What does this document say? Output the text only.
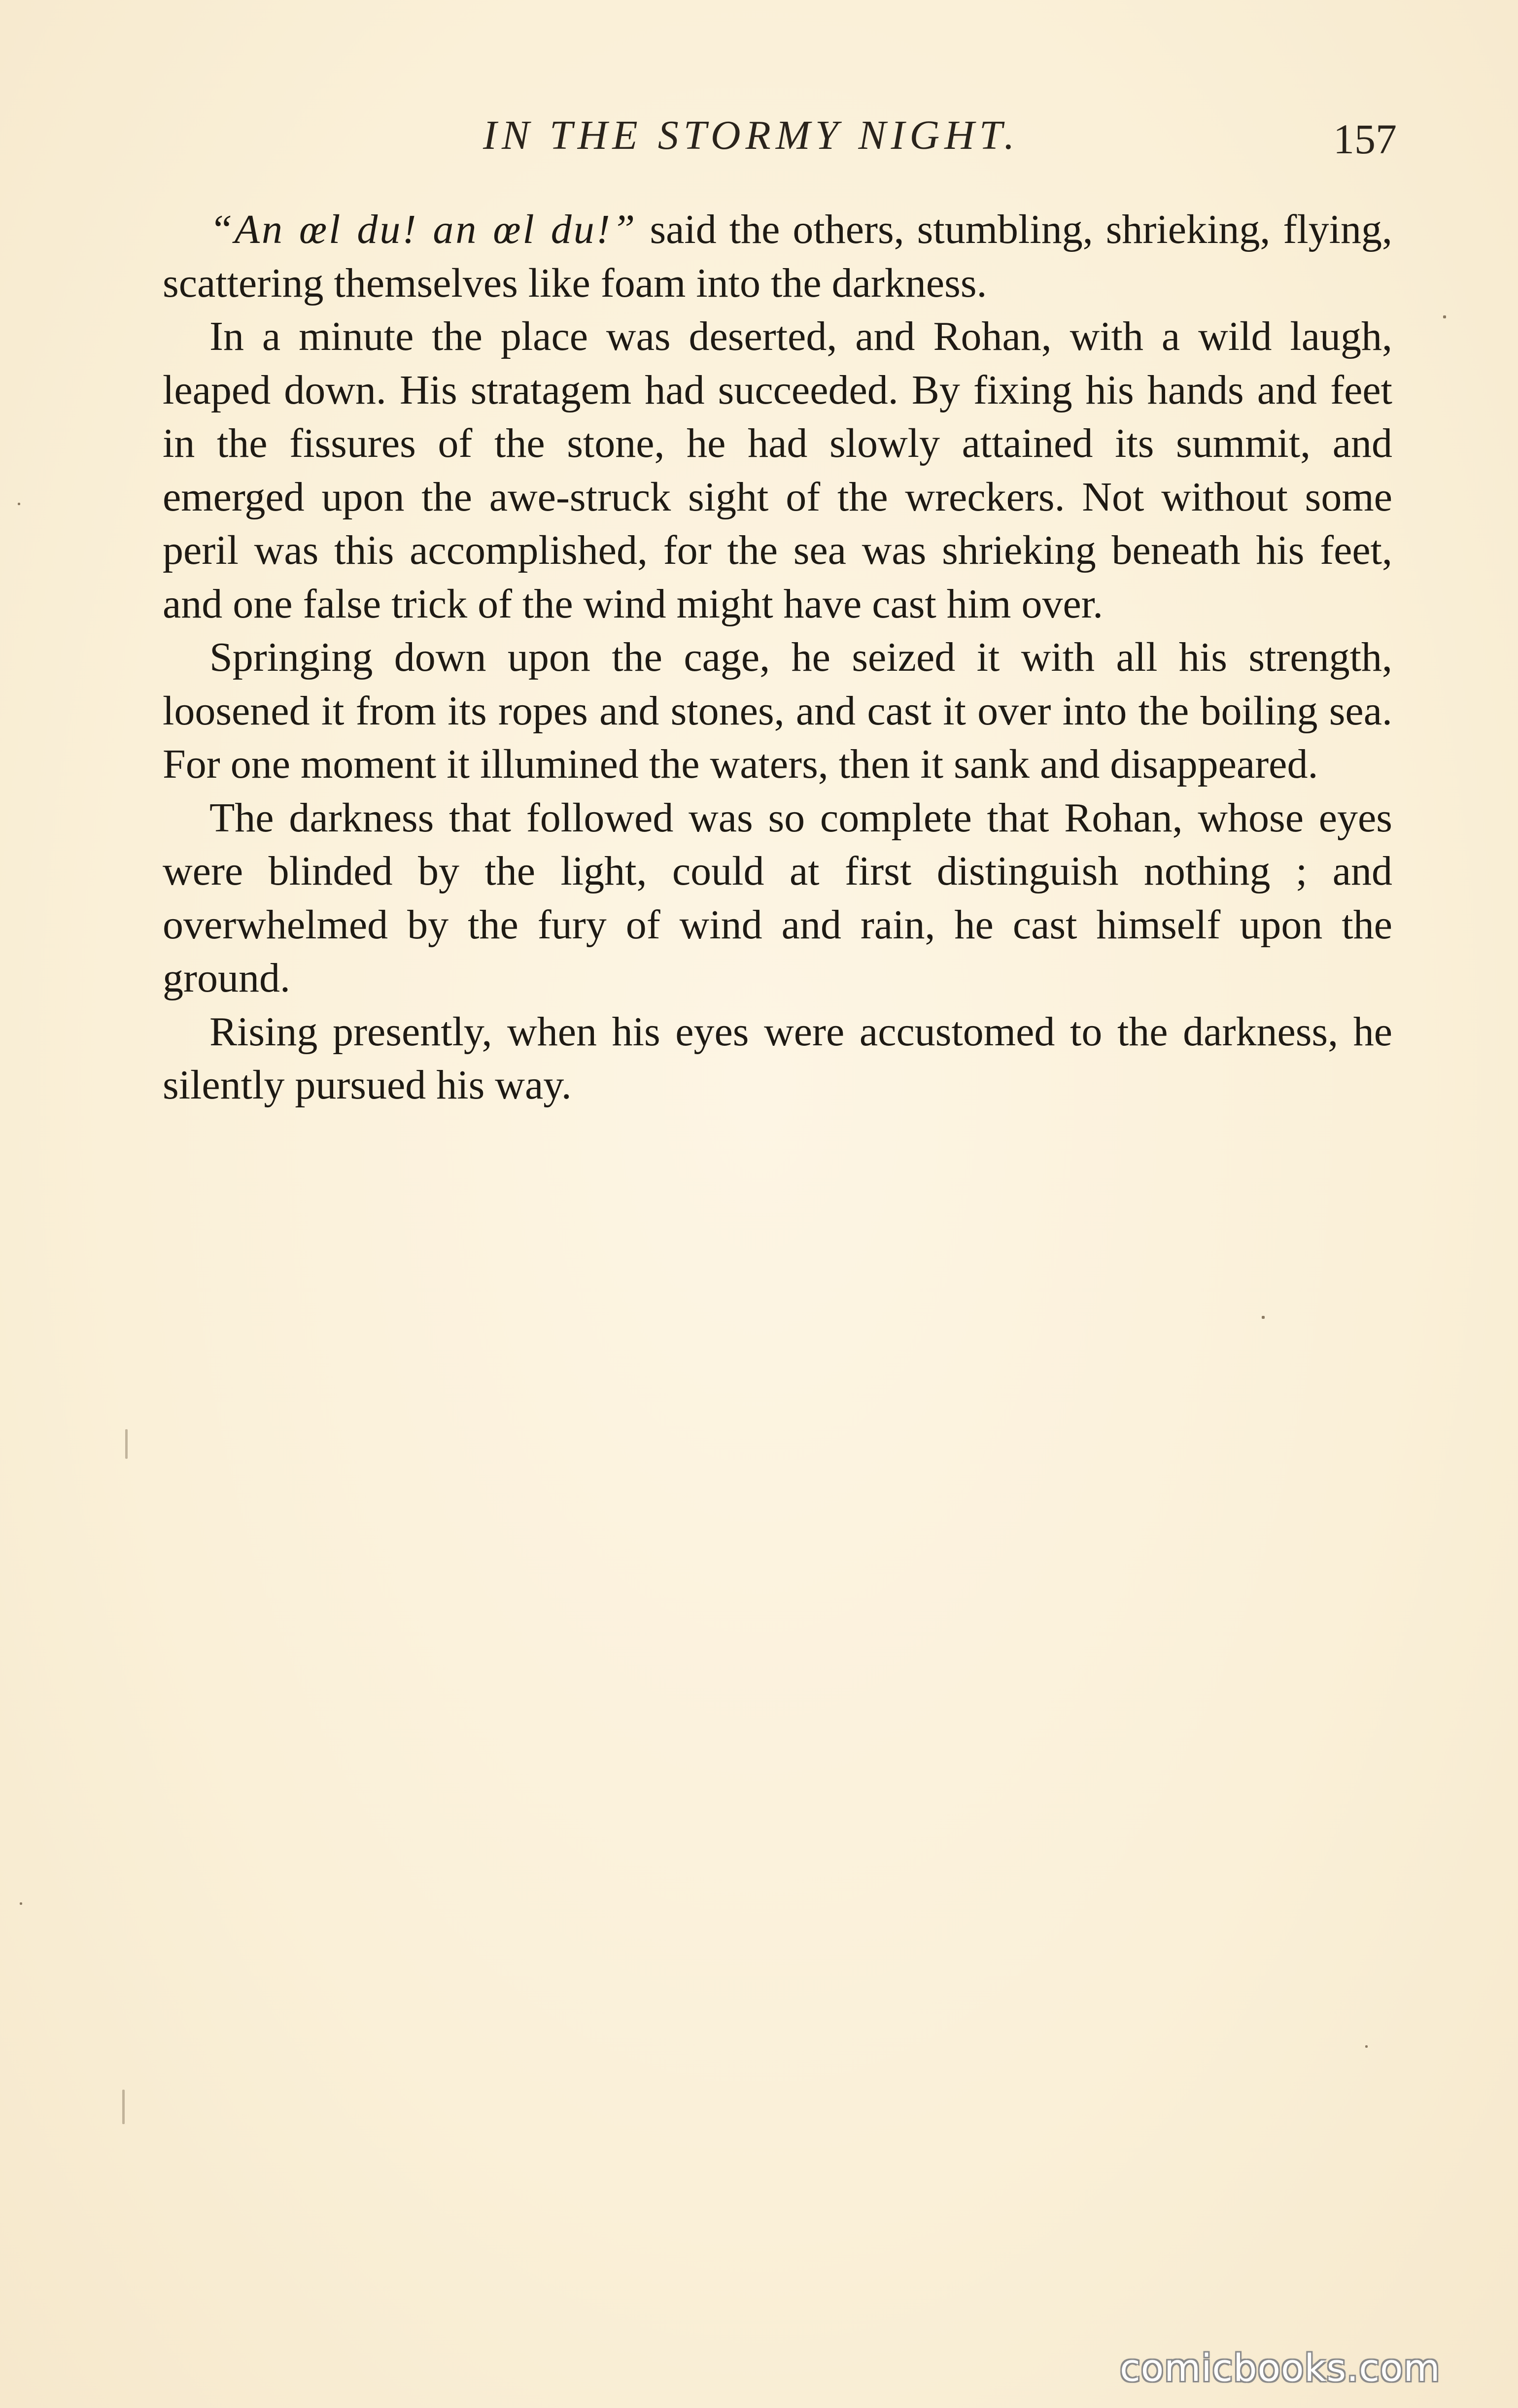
IN THE STORMY NIGHT.	157

“An œl du! an œl du!” said the others, stumbling, shrieking, flying, scattering themselves like foam into the darkness.

In a minute the place was deserted, and Rohan, with a wild laugh, leaped down. His stratagem had succeeded. By fixing his hands and feet in the fissures of the stone, he had slowly attained its summit, and emerged upon the awe-struck sight of the wreckers. Not without some peril was this accomplished, for the sea was shrieking beneath his feet, and one false trick of the wind might have cast him over.

Springing down upon the cage, he seized it with all his strength, loosened it from its ropes and stones, and cast it over into the boiling sea. For one moment it illumined the waters, then it sank and disappeared.

The darkness that followed was so complete that Rohan, whose eyes were blinded by the light, could at first distinguish nothing ; and overwhelmed by the fury of wind and rain, he cast himself upon the ground.

Rising presently, when his eyes were accustomed to the darkness, he silently pursued his way.

comicbooks.com
